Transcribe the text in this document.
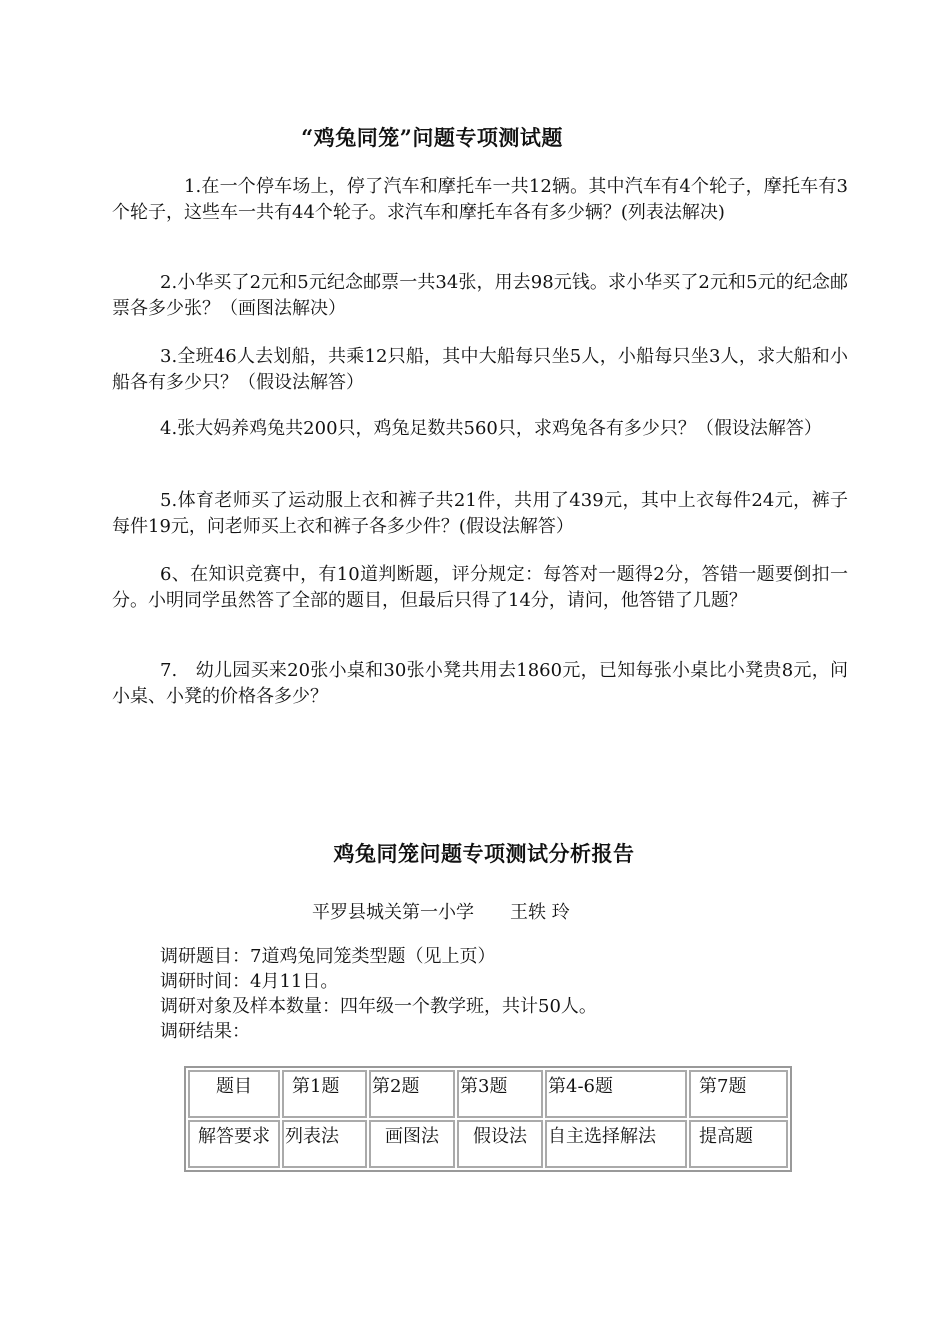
“鸡兔同笼”问题专项测试题
1.在一个停车场上，停了汽车和摩托车一共12辆。其中汽车有4个轮子，摩托车有3个轮子，这些车一共有44个轮子。求汽车和摩托车各有多少辆？(列表法解决)
2.小华买了2元和5元纪念邮票一共34张，用去98元钱。求小华买了2元和5元的纪念邮票各多少张？（画图法解决）
3.全班46人去划船，共乘12只船，其中大船每只坐5人，小船每只坐3人，求大船和小船各有多少只？（假设法解答）
4.张大妈养鸡兔共200只，鸡兔足数共560只，求鸡兔各有多少只？（假设法解答）
5.体育老师买了运动服上衣和裤子共21件，共用了439元，其中上衣每件24元，裤子每件19元，问老师买上衣和裤子各多少件？(假设法解答）
6、在知识竞赛中，有10道判断题，评分规定：每答对一题得2分，答错一题要倒扣一分。小明同学虽然答了全部的题目，但最后只得了14分，请问，他答错了几题？
7.　幼儿园买来20张小桌和30张小凳共用去1860元，已知每张小桌比小凳贵8元，问小桌、小凳的价格各多少？
鸡兔同笼问题专项测试分析报告
平罗县城关第一小学 王轶 玲
调研题目：7道鸡兔同笼类型题（见上页）
调研时间：4月11日。
调研对象及样本数量：四年级一个教学班，共计50人。
调研结果：
题目	第1题	第2题	第3题	第4-6题	第7题
解答要求	列表法	画图法	假设法	自主选择解法	提高题
